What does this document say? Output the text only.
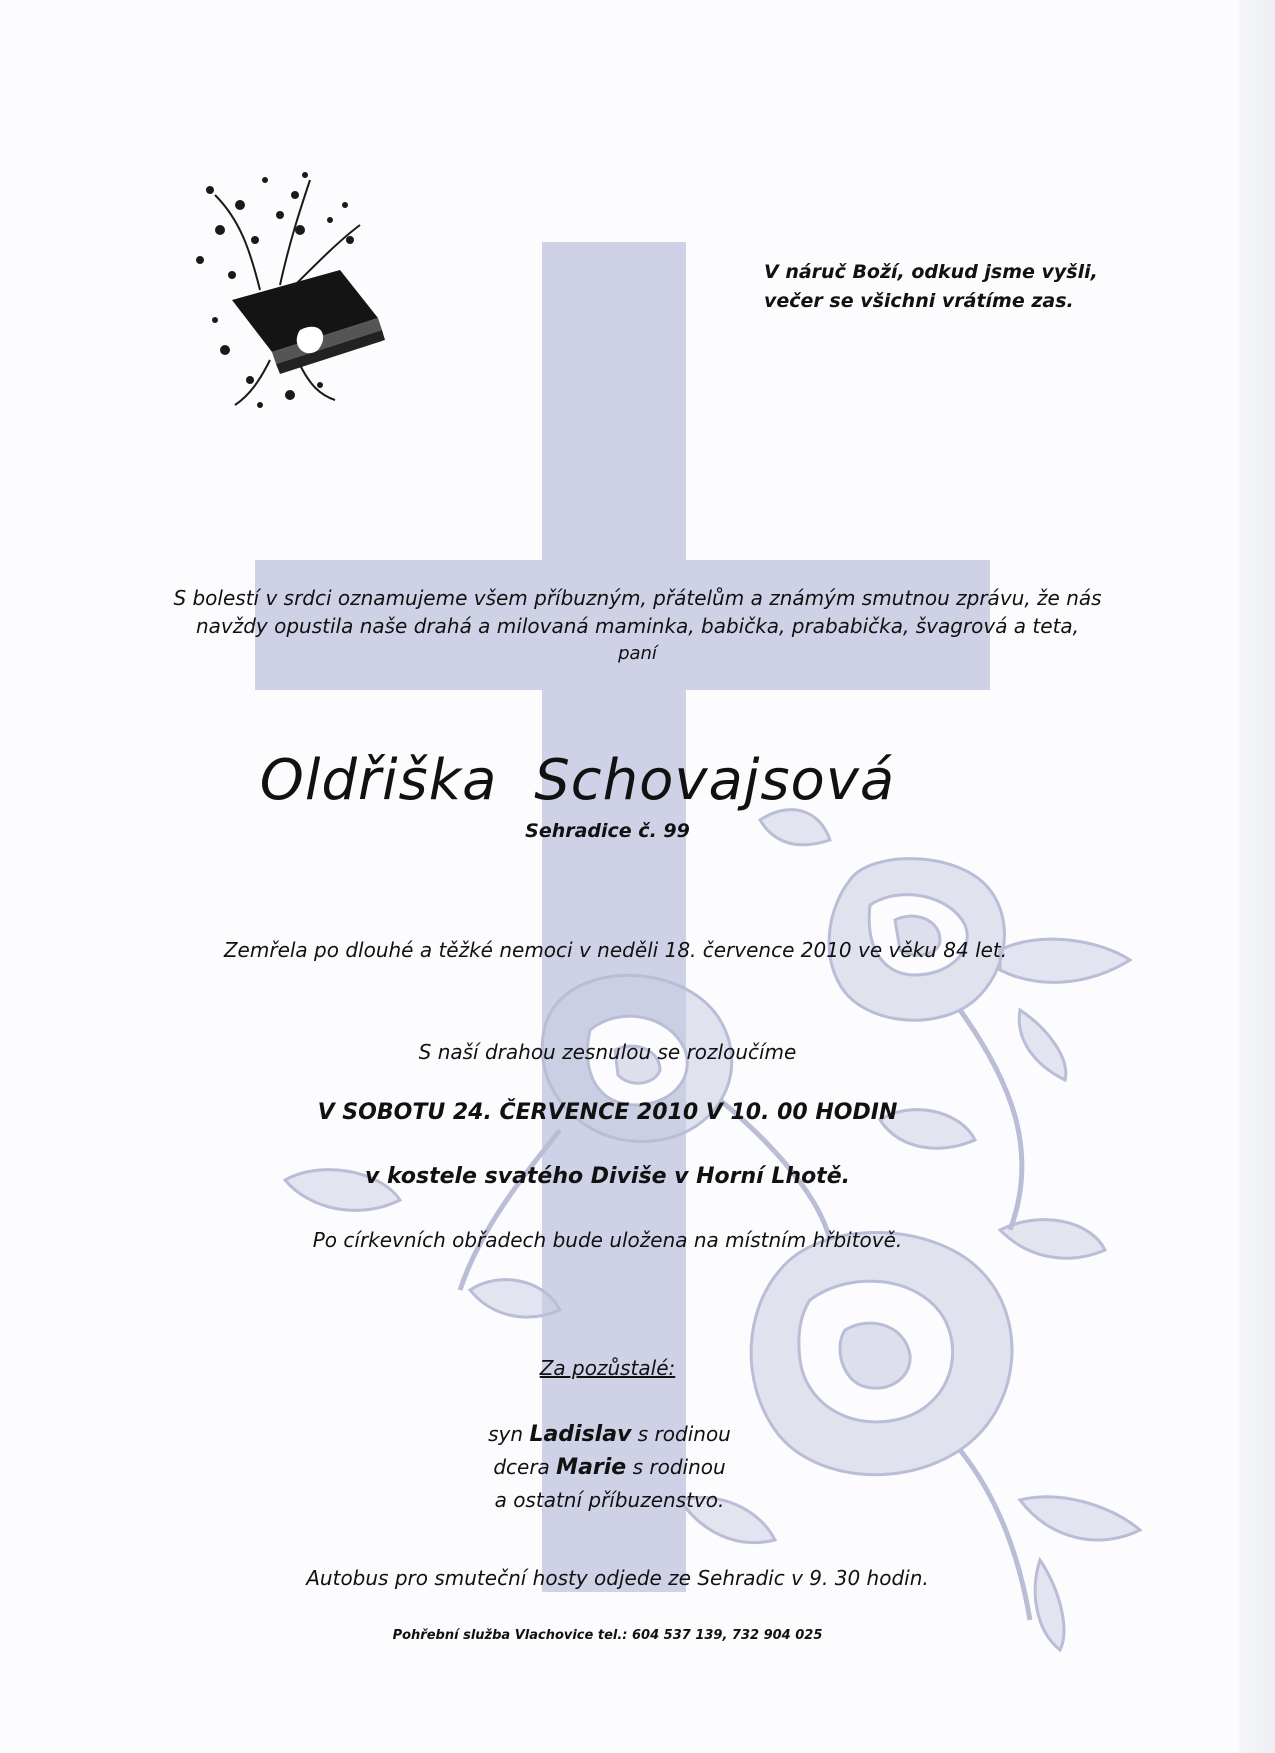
V náruč Boží, odkud jsme vyšli,
večer se všichni vrátíme zas.
S bolestí v srdci oznamujeme všem příbuzným, přátelům a známým smutnou zprávu, že nás
navždy opustila naše drahá a milovaná maminka, babička, prababička, švagrová a teta,
paní
Oldřiška Schovajsová
Sehradice č. 99
Zemřela po dlouhé a těžké nemoci v neděli 18. července 2010 ve věku 84 let.
S naší drahou zesnulou se rozloučíme
V SOBOTU 24. ČERVENCE 2010 V 10. 00 HODIN
v kostele svatého Diviše v Horní Lhotě.
Po církevních obřadech bude uložena na místním hřbitově.
Za pozůstalé:
syn Ladislav s rodinou
dcera Marie s rodinou
a ostatní příbuzenstvo.
Autobus pro smuteční hosty odjede ze Sehradic v 9. 30 hodin.
Pohřební služba Vlachovice tel.: 604 537 139, 732 904 025
